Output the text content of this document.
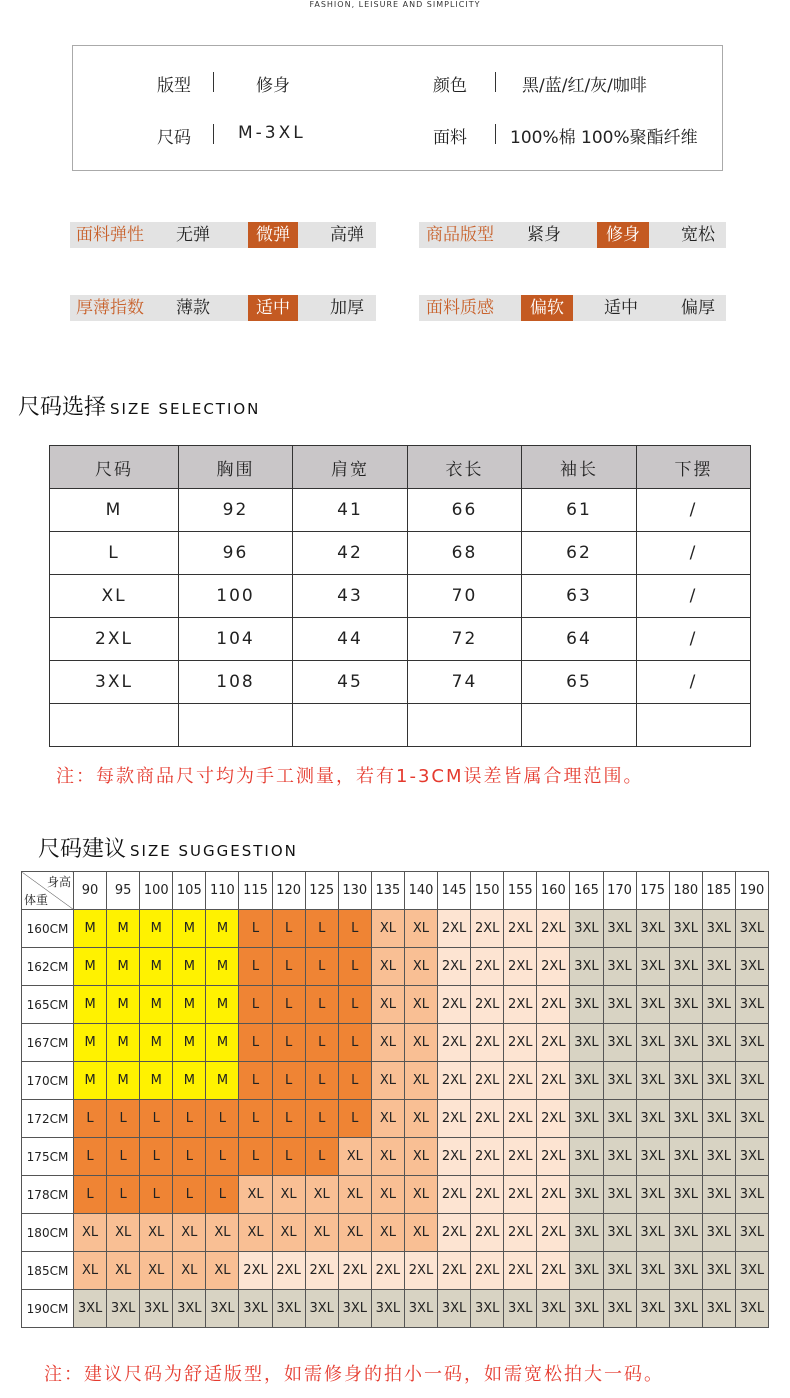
FASHION, LEISURE AND SIMPLICITY
版型	修身	颜色	黑/蓝/红/灰/咖啡
尺码	M-3XL	面料	100%棉 100%聚酯纤维
面料弹性 无弹	微弹	高弹	商品版型 紧身	修身	宽松
厚薄指数 薄款	适中	加厚	面料质感	偏软	适中	偏厚
尺码选择 SIZE SELECTION
尺码	胸围	肩宽	衣长	袖长	下摆
M	92	41	66	61	/
L	96	42	68	62	/
XL	100	43	70	63	/
2XL	104	44	72	64	/
3XL	108	45	74	65	/

注：每款商品尺寸均为手工测量，若有1-3CM误差皆属合理范围。
尺码建议 SIZE SUGGESTION
身高
体重	90	95	100	105	110	115	120	125	130	135	140	145	150	155	160	165	170	175	180	185	190
160CM	M	M	M	M	M	L	L	L	L	XL	XL	2XL	2XL	2XL	2XL	3XL	3XL	3XL	3XL	3XL	3XL
162CM	M	M	M	M	M	L	L	L	L	XL	XL	2XL	2XL	2XL	2XL	3XL	3XL	3XL	3XL	3XL	3XL
165CM	M	M	M	M	M	L	L	L	L	XL	XL	2XL	2XL	2XL	2XL	3XL	3XL	3XL	3XL	3XL	3XL
167CM	M	M	M	M	M	L	L	L	L	XL	XL	2XL	2XL	2XL	2XL	3XL	3XL	3XL	3XL	3XL	3XL
170CM	M	M	M	M	M	L	L	L	L	XL	XL	2XL	2XL	2XL	2XL	3XL	3XL	3XL	3XL	3XL	3XL
172CM	L	L	L	L	L	L	L	L	L	XL	XL	2XL	2XL	2XL	2XL	3XL	3XL	3XL	3XL	3XL	3XL
175CM	L	L	L	L	L	L	L	L	XL	XL	XL	2XL	2XL	2XL	2XL	3XL	3XL	3XL	3XL	3XL	3XL
178CM	L	L	L	L	L	XL	XL	XL	XL	XL	XL	2XL	2XL	2XL	2XL	3XL	3XL	3XL	3XL	3XL	3XL
180CM	XL	XL	XL	XL	XL	XL	XL	XL	XL	XL	XL	2XL	2XL	2XL	2XL	3XL	3XL	3XL	3XL	3XL	3XL
185CM	XL	XL	XL	XL	XL	2XL	2XL	2XL	2XL	2XL	2XL	2XL	2XL	2XL	2XL	3XL	3XL	3XL	3XL	3XL	3XL
190CM	3XL	3XL	3XL	3XL	3XL	3XL	3XL	3XL	3XL	3XL	3XL	3XL	3XL	3XL	3XL	3XL	3XL	3XL	3XL	3XL	3XL
注：建议尺码为舒适版型，如需修身的拍小一码，如需宽松拍大一码。
